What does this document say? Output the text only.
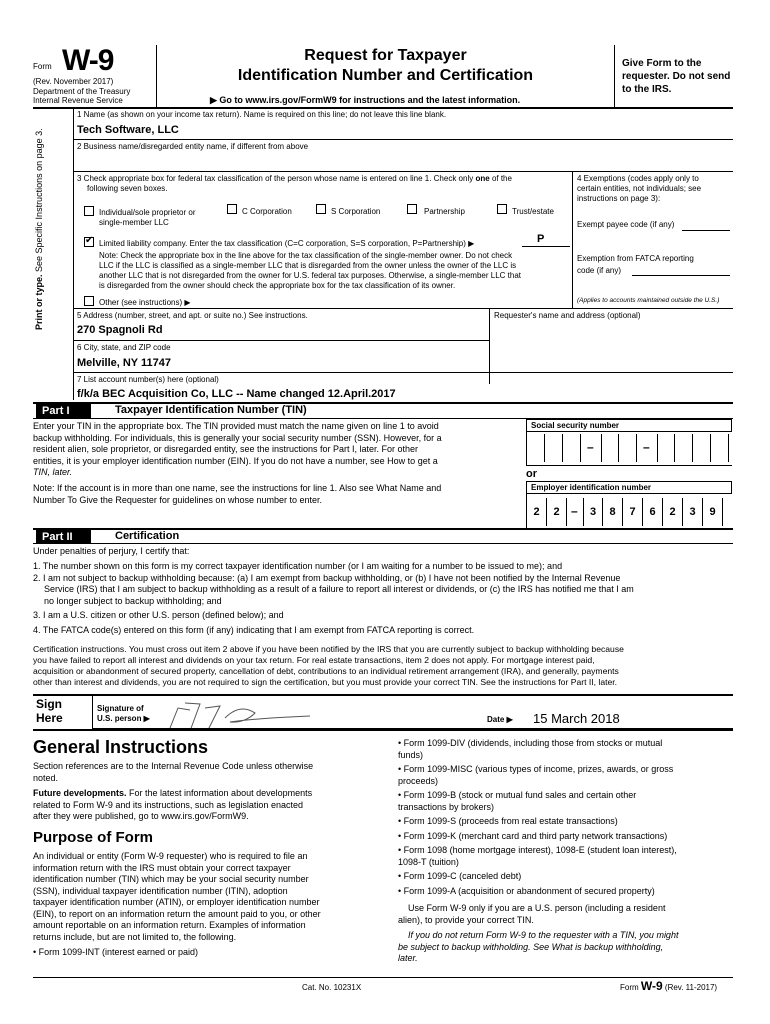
Form W-9
(Rev. November 2017)
Department of the Treasury
Internal Revenue Service
Request for Taxpayer
Identification Number and Certification
▶ Go to www.irs.gov/FormW9 for instructions and the latest information.
Give Form to the requester. Do not send to the IRS.
Print or type. See Specific Instructions on page 3.
1 Name (as shown on your income tax return). Name is required on this line; do not leave this line blank.
Tech Software, LLC
2 Business name/disregarded entity name, if different from above
3 Check appropriate box for federal tax classification of the person whose name is entered on line 1. Check only one of the
following seven boxes.
Individual/sole proprietor or
single-member LLC
C Corporation	S Corporation	Partnership	Trust/estate
✔
Limited liability company. Enter the tax classification (C=C corporation, S=S corporation, P=Partnership) ▶	P
Note: Check the appropriate box in the line above for the tax classification of the single-member owner. Do not check
LLC if the LLC is classified as a single-member LLC that is disregarded from the owner unless the owner of the LLC is
another LLC that is not disregarded from the owner for U.S. federal tax purposes. Otherwise, a single-member LLC that
is disregarded from the owner should check the appropriate box for the tax classification of its owner.
Other (see instructions) ▶
4 Exemptions (codes apply only to
certain entities, not individuals; see
instructions on page 3):
Exempt payee code (if any)
Exemption from FATCA reporting
code (if any)
(Applies to accounts maintained outside the U.S.)
5 Address (number, street, and apt. or suite no.) See instructions.	Requester's name and address (optional)
270 Spagnoli Rd
6 City, state, and ZIP code
Melville, NY 11747
7 List account number(s) here (optional)
f/k/a BEC Acquisition Co, LLC -- Name changed 12.April.2017
Part I	Taxpayer Identification Number (TIN)
Enter your TIN in the appropriate box. The TIN provided must match the name given on line 1 to avoid
backup withholding. For individuals, this is generally your social security number (SSN). However, for a
resident alien, sole proprietor, or disregarded entity, see the instructions for Part I, later. For other
entities, it is your employer identification number (EIN). If you do not have a number, see How to get a
TIN, later.
Note: If the account is in more than one name, see the instructions for line 1. Also see What Name and
Number To Give the Requester for guidelines on whose number to enter.
Social security number
–	–
or
Employer identification number
2	2 –	3	8	7	6	2	3	9
Part II	Certification
Under penalties of perjury, I certify that:
1. The number shown on this form is my correct taxpayer identification number (or I am waiting for a number to be issued to me); and
2. I am not subject to backup withholding because: (a) I am exempt from backup withholding, or (b) I have not been notified by the Internal Revenue
Service (IRS) that I am subject to backup withholding as a result of a failure to report all interest or dividends, or (c) the IRS has notified me that I am
no longer subject to backup withholding; and
3. I am a U.S. citizen or other U.S. person (defined below); and
4. The FATCA code(s) entered on this form (if any) indicating that I am exempt from FATCA reporting is correct.
Certification instructions. You must cross out item 2 above if you have been notified by the IRS that you are currently subject to backup withholding because
you have failed to report all interest and dividends on your tax return. For real estate transactions, item 2 does not apply. For mortgage interest paid,
acquisition or abandonment of secured property, cancellation of debt, contributions to an individual retirement arrangement (IRA), and generally, payments
other than interest and dividends, you are not required to sign the certification, but you must provide your correct TIN. See the instructions for Part II, later.
Sign
Here
Signature of
U.S. person ▶	Date ▶ 15 March 2018
General Instructions
Section references are to the Internal Revenue Code unless otherwise
noted.
Future developments. For the latest information about developments
related to Form W-9 and its instructions, such as legislation enacted
after they were published, go to www.irs.gov/FormW9.
Purpose of Form
An individual or entity (Form W-9 requester) who is required to file an
information return with the IRS must obtain your correct taxpayer
identification number (TIN) which may be your social security number
(SSN), individual taxpayer identification number (ITIN), adoption
taxpayer identification number (ATIN), or employer identification number
(EIN), to report on an information return the amount paid to you, or other
amount reportable on an information return. Examples of information
returns include, but are not limited to, the following.
• Form 1099-INT (interest earned or paid)
• Form 1099-DIV (dividends, including those from stocks or mutual
funds)
• Form 1099-MISC (various types of income, prizes, awards, or gross
proceeds)
• Form 1099-B (stock or mutual fund sales and certain other
transactions by brokers)
• Form 1099-S (proceeds from real estate transactions)
• Form 1099-K (merchant card and third party network transactions)
• Form 1098 (home mortgage interest), 1098-E (student loan interest),
1098-T (tuition)
• Form 1099-C (canceled debt)
• Form 1099-A (acquisition or abandonment of secured property)
Use Form W-9 only if you are a U.S. person (including a resident
alien), to provide your correct TIN.
If you do not return Form W-9 to the requester with a TIN, you might
be subject to backup withholding. See What is backup withholding,
later.
Cat. No. 10231X	Form W-9 (Rev. 11-2017)
